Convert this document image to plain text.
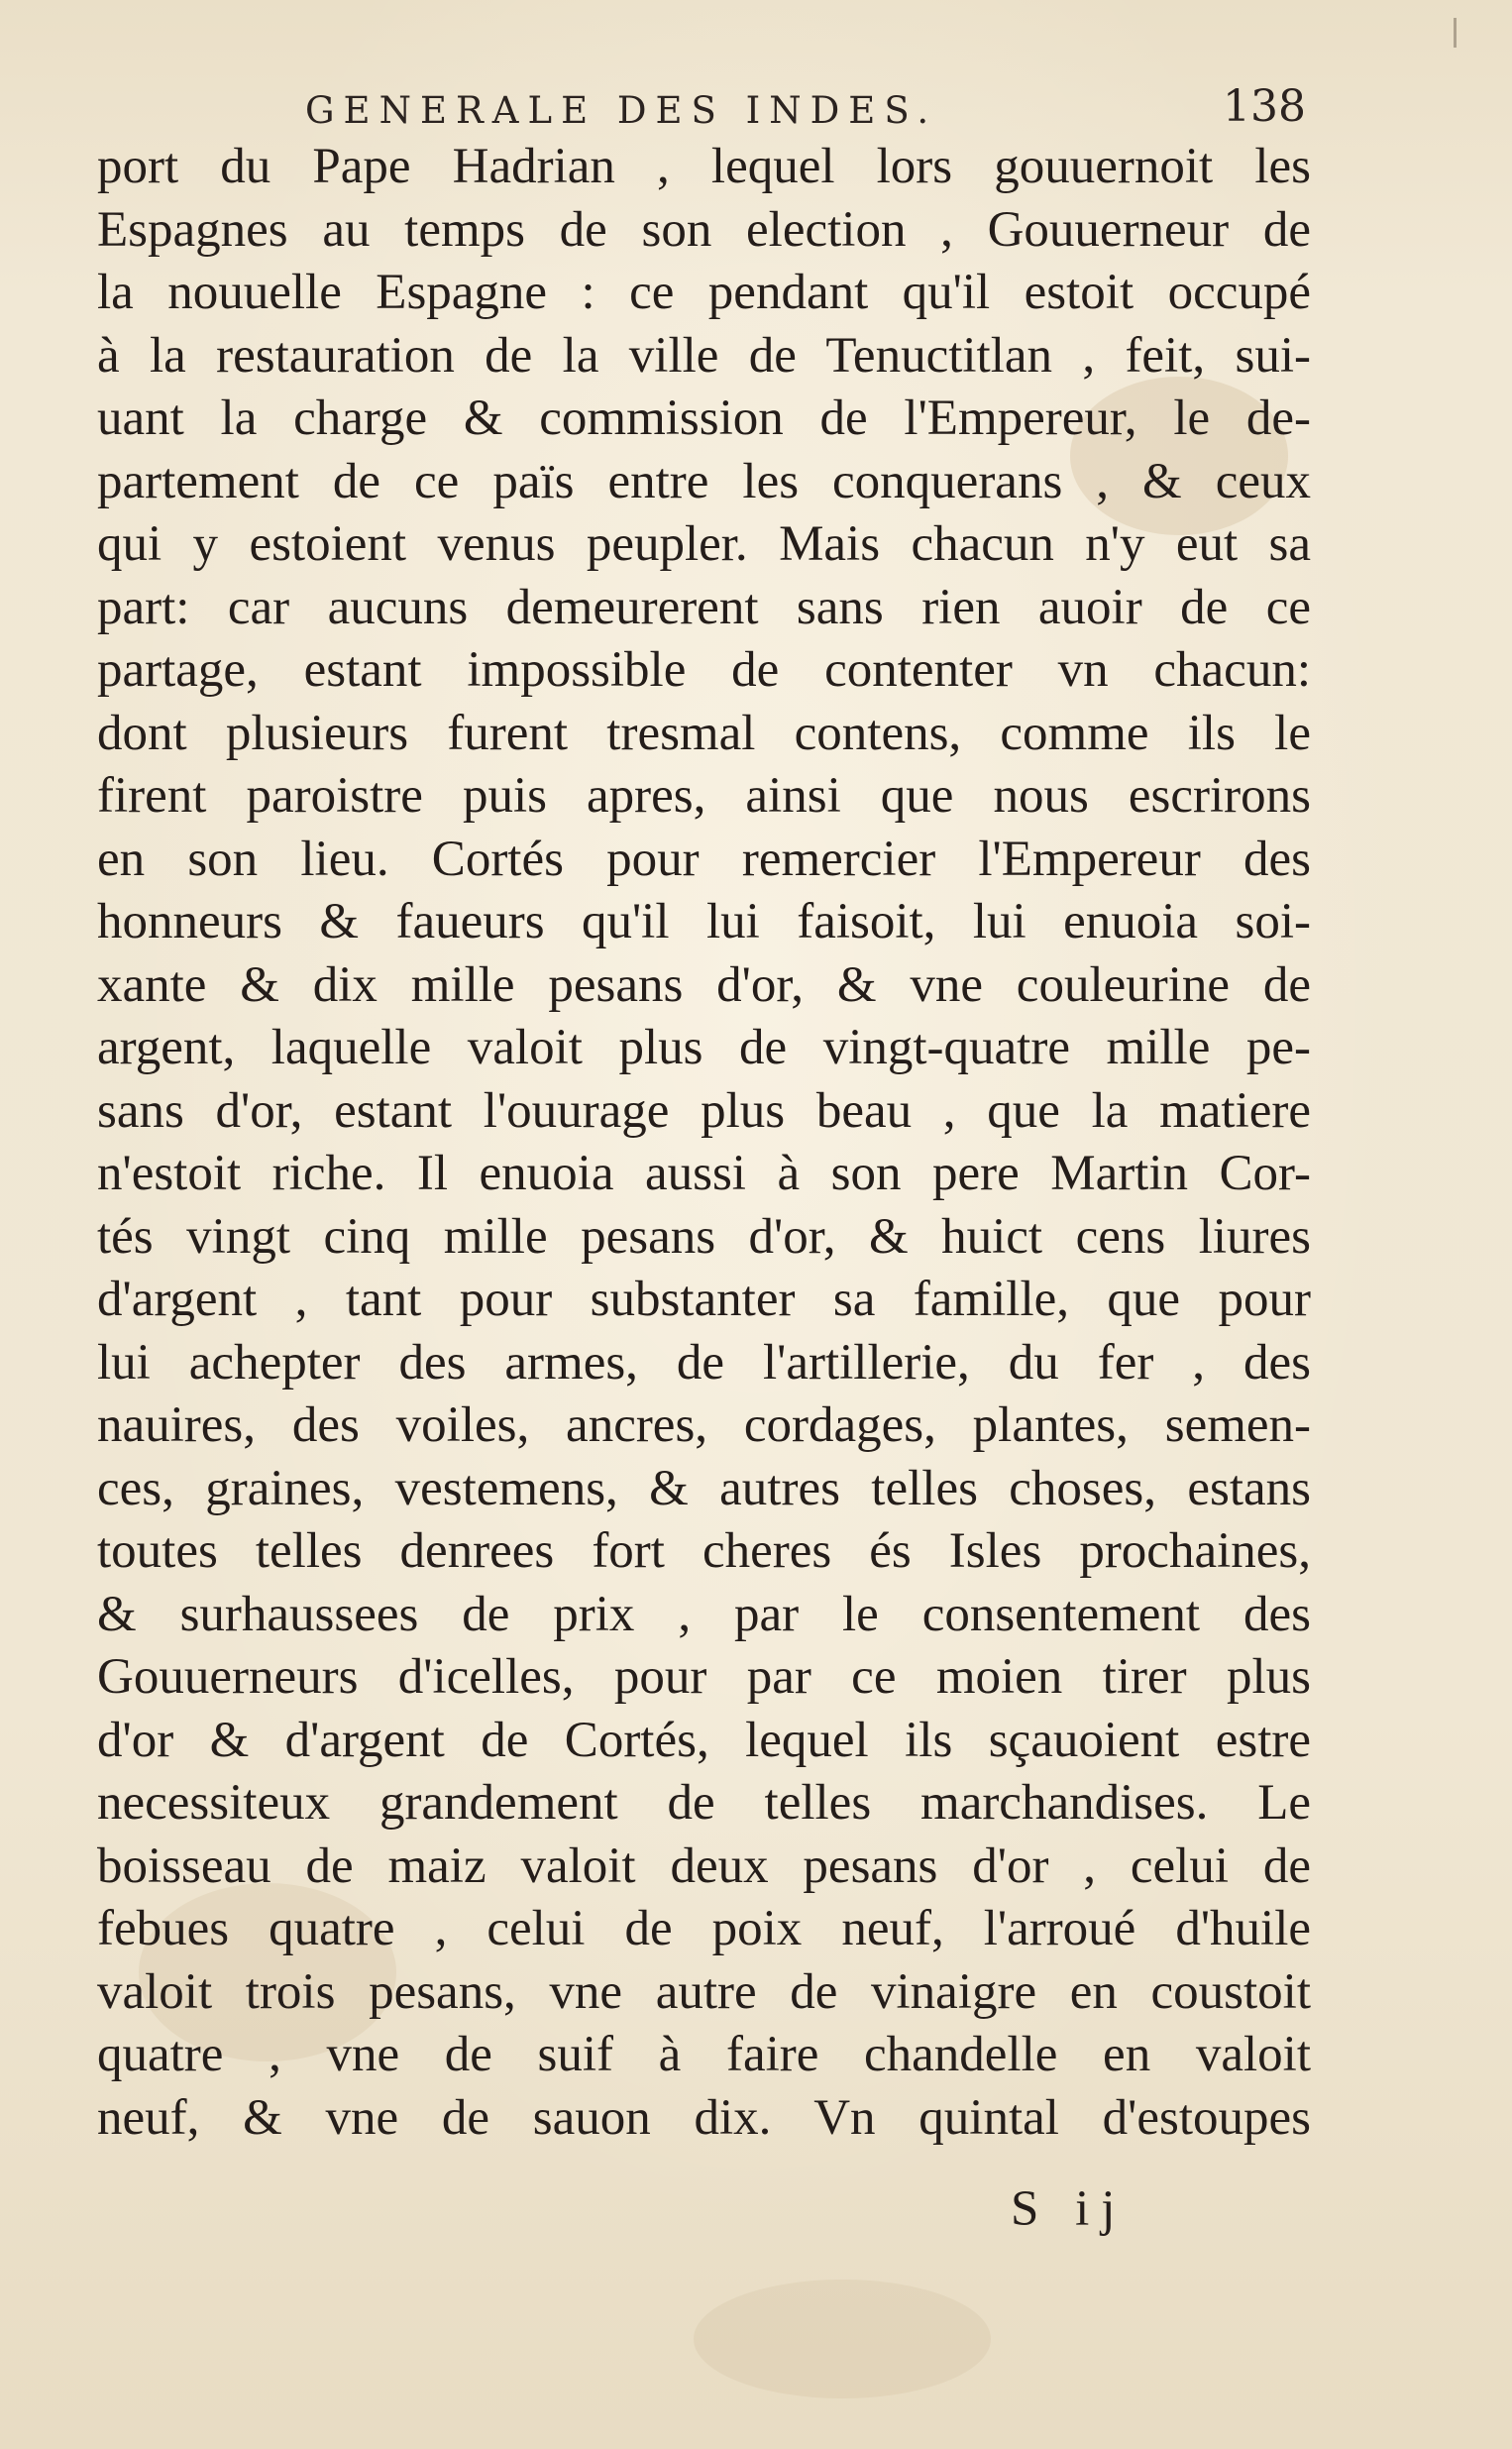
GENERALE DES INDES.	138
port du Pape Hadrian , lequel lors gouuernoit les
Espagnes au temps de son election , Gouuerneur de
la nouuelle Espagne : ce pendant qu'il estoit occupé
à la restauration de la ville de Tenuctitlan , feit, sui-
uant la charge & commission de l'Empereur, le de-
partement de ce païs entre les conquerans , & ceux
qui y estoient venus peupler. Mais chacun n'y eut sa
part: car aucuns demeurerent sans rien auoir de ce
partage, estant impossible de contenter vn chacun:
dont plusieurs furent tresmal contens, comme ils le
firent paroistre puis apres, ainsi que nous escrirons
en son lieu. Cortés pour remercier l'Empereur des
honneurs & faueurs qu'il lui faisoit, lui enuoia soi-
xante & dix mille pesans d'or, & vne couleurine de
argent, laquelle valoit plus de vingt-quatre mille pe-
sans d'or, estant l'ouurage plus beau , que la matiere
n'estoit riche. Il enuoia aussi à son pere Martin Cor-
tés vingt cinq mille pesans d'or, & huict cens liures
d'argent , tant pour substanter sa famille, que pour
lui achepter des armes, de l'artillerie, du fer , des
nauires, des voiles, ancres, cordages, plantes, semen-
ces, graines, vestemens, & autres telles choses, estans
toutes telles denrees fort cheres és Isles prochaines,
& surhaussees de prix , par le consentement des
Gouuerneurs d'icelles, pour par ce moien tirer plus
d'or & d'argent de Cortés, lequel ils sçauoient estre
necessiteux grandement de telles marchandises. Le
boisseau de maiz valoit deux pesans d'or , celui de
febues quatre , celui de poix neuf, l'arroué d'huile
valoit trois pesans, vne autre de vinaigre en coustoit
quatre , vne de suif à faire chandelle en valoit
neuf, & vne de sauon dix. Vn quintal d'estoupes
S ij
